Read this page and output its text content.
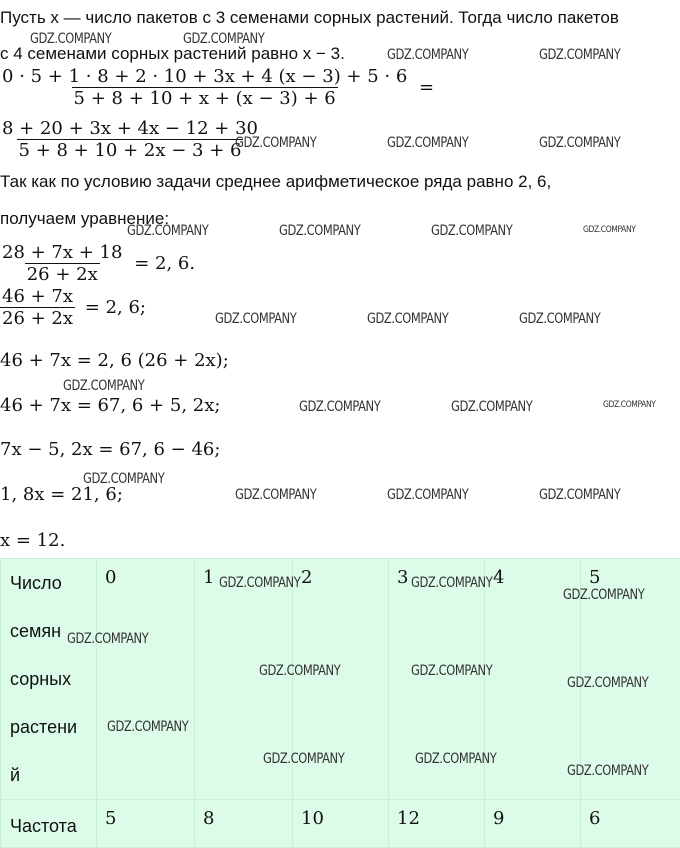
Пусть x — число пакетов с 3 семенами сорных растений. Тогда число пакетов
с 4 семенами сорных растений равно x − 3.
$\frac{0 \cdot 5 + 1 \cdot 8 + 2 \cdot 10 + 3x + 4 (x - 3) + 5 \cdot 6}{5 + 8 + 10 + x + (x - 3) + 6}$ =
$\frac{8 + 20 + 3x + 4x - 12 + 30}{5 + 8 + 10 + 2x - 3 + 6}$
Так как по условию задачи среднее арифметическое ряда равно 2, 6,
получаем уравнение:
$\frac{28 + 7x + 18}{26 + 2x} = 2$, 6.
$\frac{46 + 7x}{26 + 2x} = 2$, 6;
46 + 7x = 2, 6 (26 + 2x);
46 + 7x = 67, 6 + 5, 2x;
7x − 5, 2x = 67, 6 − 46;
1, 8x = 21, 6;
x = 12.
Число
семян
сорных
растени
й	0	1	2	3	4	5
Частота	5	8	10	12	9	6
GDZ.COMPANY	GDZ.COMPANY
GDZ.COMPANY	GDZ.COMPANY
GDZ.COMPANY	GDZ.COMPANY	GDZ.COMPANY
GDZ.COMPANY	GDZ.COMPANY	GDZ.COMPANY	GDZ.COMPANY
GDZ.COMPANY	GDZ.COMPANY	GDZ.COMPANY
GDZ.COMPANY
GDZ.COMPANY	GDZ.COMPANY	GDZ.COMPANY
GDZ.COMPANY
GDZ.COMPANY	GDZ.COMPANY	GDZ.COMPANY
GDZ.COMPANY	GDZ.COMPANY
GDZ.COMPANY
GDZ.COMPANY
GDZ.COMPANY	GDZ.COMPANY
GDZ.COMPANY
GDZ.COMPANY
GDZ.COMPANY	GDZ.COMPANY
GDZ.COMPANY
